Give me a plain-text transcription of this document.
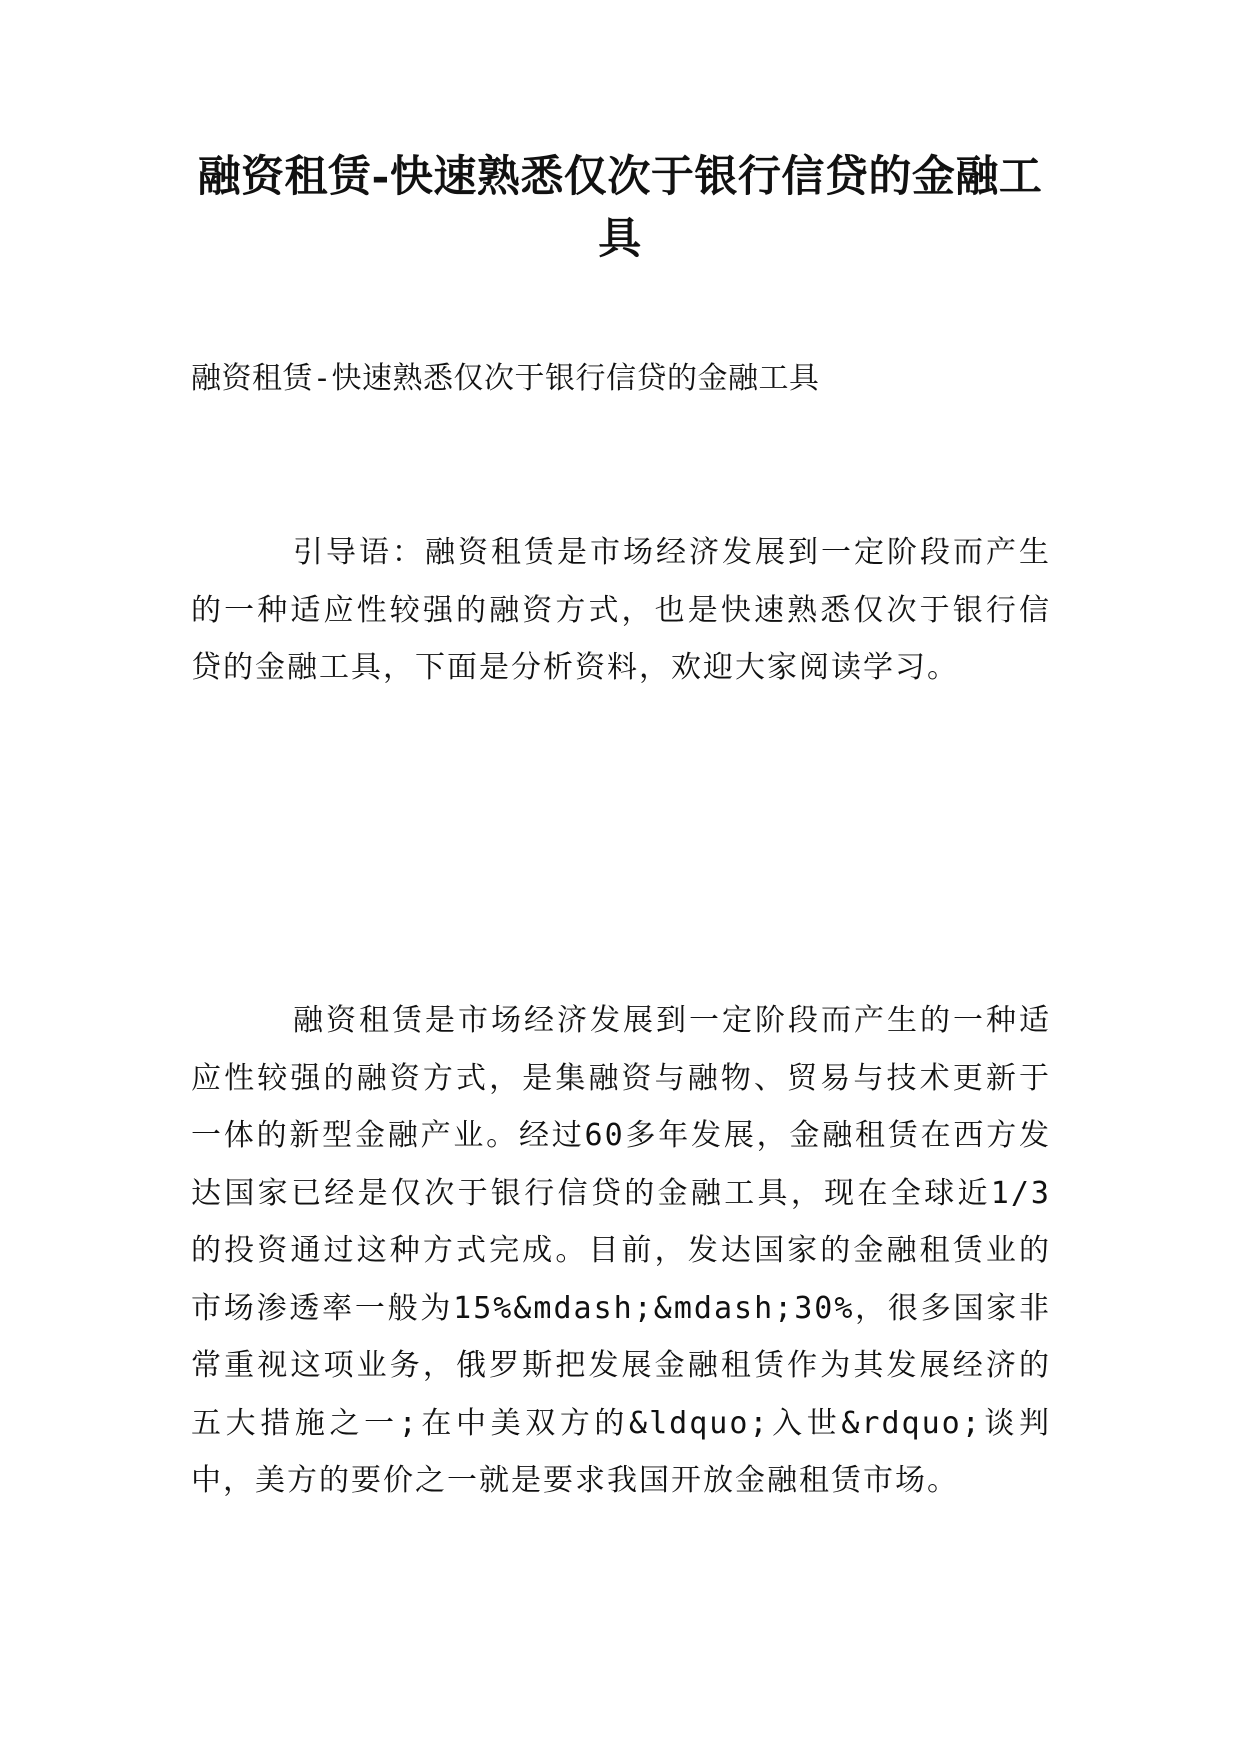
融资租赁-快速熟悉仅次于银行信贷的金融工具

融资租赁-快速熟悉仅次于银行信贷的金融工具

引导语：融资租赁是市场经济发展到一定阶段而产生的一种适应性较强的融资方式，也是快速熟悉仅次于银行信贷的金融工具，下面是分析资料，欢迎大家阅读学习。

融资租赁是市场经济发展到一定阶段而产生的一种适应性较强的融资方式，是集融资与融物、贸易与技术更新于一体的新型金融产业。经过60多年发展，金融租赁在西方发达国家已经是仅次于银行信贷的金融工具，现在全球近1/3的投资通过这种方式完成。目前，发达国家的金融租赁业的市场渗透率一般为15%&mdash;&mdash;30%，很多国家非常重视这项业务，俄罗斯把发展金融租赁作为其发展经济的五大措施之一;在中美双方的&ldquo;入世&rdquo;谈判中，美方的要价之一就是要求我国开放金融租赁市场。
